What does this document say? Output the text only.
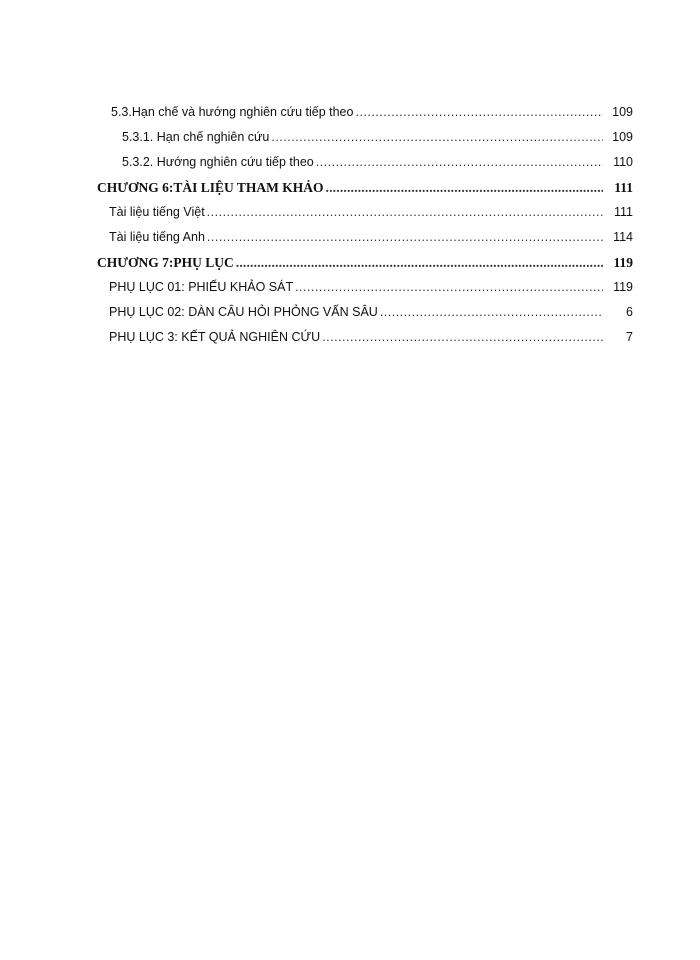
5.3. Hạn chế và hướng nghiên cứu tiếp theo .....	109
5.3.1. Hạn chế nghiên cứu .....	109
5.3.2. Hướng nghiên cứu tiếp theo .....	110
CHƯƠNG 6: TÀI LIỆU THAM KHẢO .....	111
Tài liệu tiếng Việt .....	111
Tài liệu tiếng Anh .....	114
CHƯƠNG 7: PHỤ LỤC .....	119
PHỤ LỤC 01: PHIẾU KHẢO SÁT .....	119
PHỤ LỤC 02: DÀN CÂU HỎI PHỎNG VẤN SÂU .....	6
PHỤ LỤC 3: KẾT QUẢ NGHIÊN CỨU .....	7
